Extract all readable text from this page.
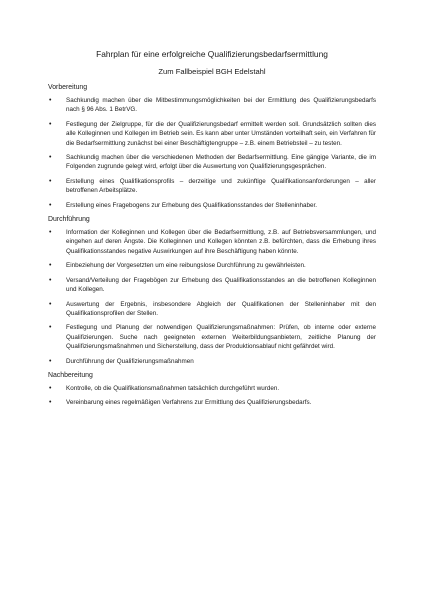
Fahrplan für eine erfolgreiche Qualifizierungsbedarfsermittlung
Zum Fallbeispiel BGH Edelstahl

Vorbereitung

• Sachkundig machen über die Mitbestimmungsmöglichkeiten bei der Ermittlung des Qualifizierungsbedarfs nach § 96 Abs. 1 BetrVG.
• Festlegung der Zielgruppe, für die der Qualifizierungsbedarf ermittelt werden soll. Grundsätzlich sollten dies alle Kolleginnen und Kollegen im Betrieb sein. Es kann aber unter Umständen vorteilhaft sein, ein Verfahren für die Bedarfsermittlung zunächst bei einer Beschäftigtengruppe – z.B. einem Betriebsteil – zu testen.
• Sachkundig machen über die verschiedenen Methoden der Bedarfsermittlung. Eine gängige Variante, die im Folgenden zugrunde gelegt wird, erfolgt über die Auswertung von Qualifizierungsgesprächen.
• Erstellung eines Qualifikationsprofils – derzeitige und zukünftige Qualifikationsanforderungen – aller betroffenen Arbeitsplätze.
• Erstellung eines Fragebogens zur Erhebung des Qualifikationsstandes der Stelleninhaber.

Durchführung

• Information der Kolleginnen und Kollegen über die Bedarfsermittlung, z.B. auf Betriebsversammlungen, und eingehen auf deren Ängste. Die Kolleginnen und Kollegen könnten z.B. befürchten, dass die Erhebung ihres Qualifikationsstandes negative Auswirkungen auf ihre Beschäftigung haben könnte.
• Einbeziehung der Vorgesetzten um eine reibungslose Durchführung zu gewährleisten.
• Versand/Verteilung der Fragebögen zur Erhebung des Qualifikationsstandes an die betroffenen Kolleginnen und Kollegen.
• Auswertung der Ergebnis, insbesondere Abgleich der Qualifikationen der Stelleninhaber mit den Qualifikationsprofilen der Stellen.
• Festlegung und Planung der notwendigen Qualifizierungsmaßnahmen: Prüfen, ob interne oder externe Qualifizierungen. Suche nach geeigneten externen Weiterbildungsanbietern, zeitliche Planung der Qualifizierungsmaßnahmen und Sicherstellung, dass der Produktionsablauf nicht gefährdet wird.
• Durchführung der Qualifizierungsmaßnahmen

Nachbereitung

• Kontrolle, ob die Qualifikationsmaßnahmen tatsächlich durchgeführt wurden.
• Vereinbarung eines regelmäßigen Verfahrens zur Ermittlung des Qualifizierungsbedarfs.
